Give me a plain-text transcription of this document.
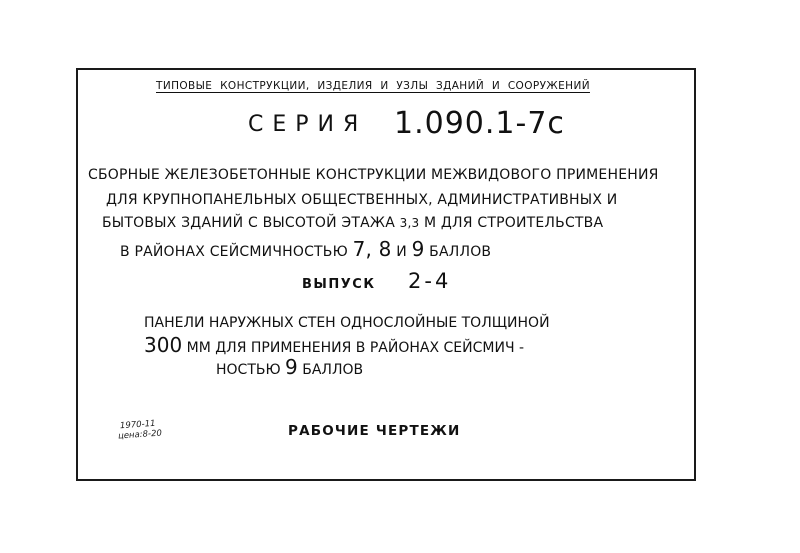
ТИПОВЫЕ КОНСТРУКЦИИ, ИЗДЕЛИЯ И УЗЛЫ ЗДАНИЙ И СООРУЖЕНИЙ
СЕРИЯ 1.090.1-7с
СБОРНЫЕ ЖЕЛЕЗОБЕТОННЫЕ КОНСТРУКЦИИ МЕЖВИДОВОГО ПРИМЕНЕНИЯ
ДЛЯ КРУПНОПАНЕЛЬНЫХ ОБЩЕСТВЕННЫХ, АДМИНИСТРАТИВНЫХ И
БЫТОВЫХ ЗДАНИЙ С ВЫСОТОЙ ЭТАЖА 3,3 М ДЛЯ СТРОИТЕЛЬСТВА
В РАЙОНАХ СЕЙСМИЧНОСТЬЮ 7, 8 И 9 БАЛЛОВ
ВЫПУСК 2-4
ПАНЕЛИ НАРУЖНЫХ СТЕН ОДНОСЛОЙНЫЕ ТОЛЩИНОЙ
300 ММ ДЛЯ ПРИМЕНЕНИЯ В РАЙОНАХ СЕЙСМИЧ -
НОСТЬЮ 9 БАЛЛОВ
1970-11
цена:8-20	РАБОЧИЕ ЧЕРТЕЖИ
